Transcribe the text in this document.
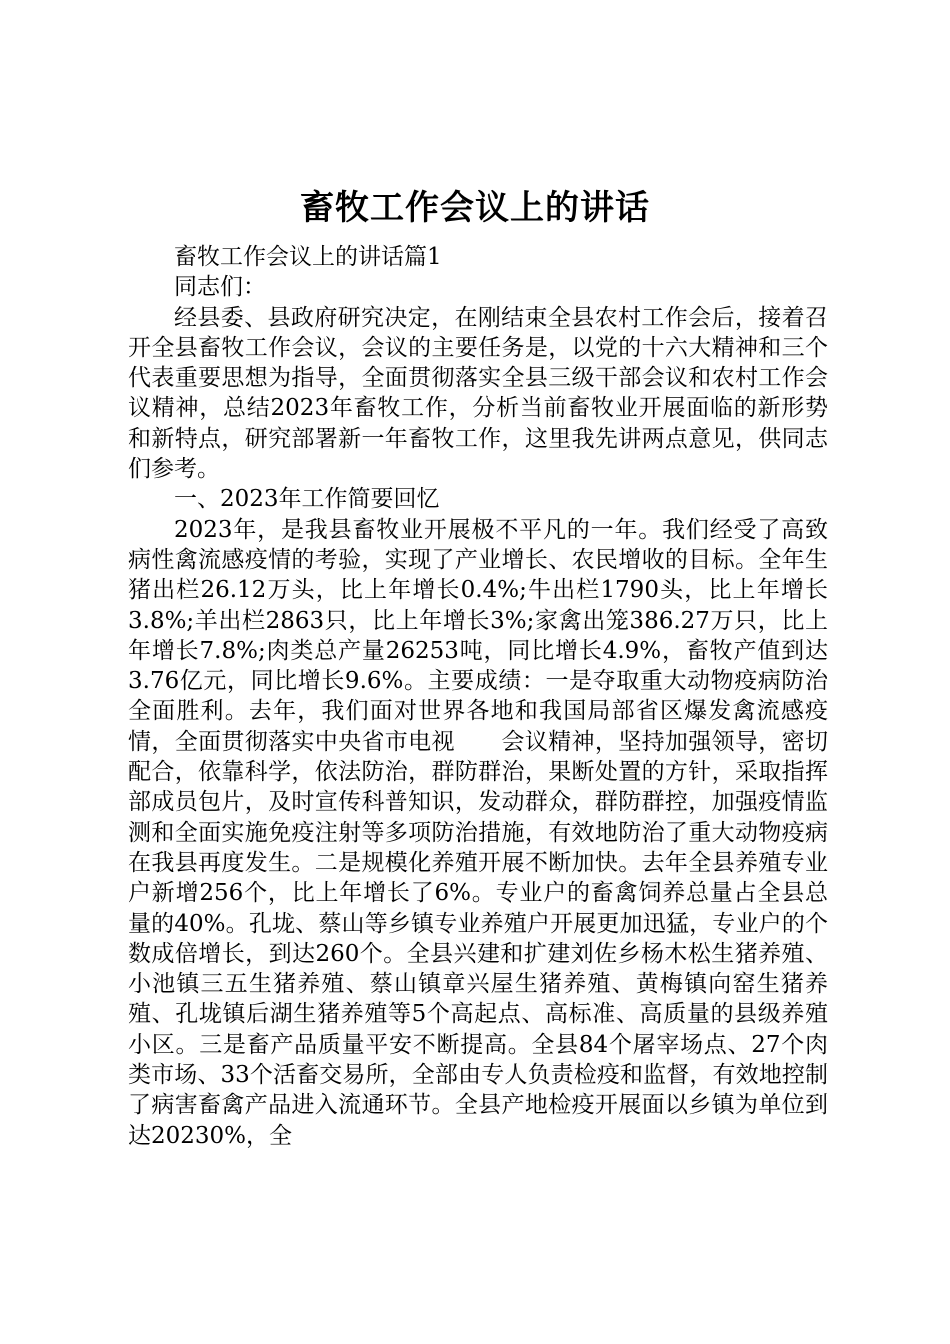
畜牧工作会议上的讲话

畜牧工作会议上的讲话篇1

同志们：

经县委、县政府研究决定，在刚结束全县农村工作会后，接着召开全县畜牧工作会议，会议的主要任务是，以党的十六大精神和三个代表重要思想为指导，全面贯彻落实全县三级干部会议和农村工作会议精神，总结2023年畜牧工作，分析当前畜牧业开展面临的新形势和新特点，研究部署新一年畜牧工作，这里我先讲两点意见，供同志们参考。

一、2023年工作简要回忆

2023年，是我县畜牧业开展极不平凡的一年。我们经受了高致病性禽流感疫情的考验，实现了产业增长、农民增收的目标。全年生猪出栏26.12万头，比上年增长0.4%;牛出栏1790头，比上年增长3.8%;羊出栏2863只，比上年增长3%;家禽出笼386.27万只，比上年增长7.8%;肉类总产量26253吨，同比增长4.9%，畜牧产值到达3.76亿元，同比增长9.6%。主要成绩：一是夺取重大动物疫病防治全面胜利。去年，我们面对世界各地和我国局部省区爆发禽流感疫情，全面贯彻落实中央省市电视　　会议精神，坚持加强领导，密切配合，依靠科学，依法防治，群防群治，果断处置的方针，采取指挥部成员包片，及时宣传科普知识，发动群众，群防群控，加强疫情监测和全面实施免疫注射等多项防治措施，有效地防治了重大动物疫病在我县再度发生。二是规模化养殖开展不断加快。去年全县养殖专业户新增256个，比上年增长了6%。专业户的畜禽饲养总量占全县总量的40%。孔垅、蔡山等乡镇专业养殖户开展更加迅猛，专业户的个数成倍增长，到达260个。全县兴建和扩建刘佐乡杨木松生猪养殖、小池镇三五生猪养殖、蔡山镇章兴屋生猪养殖、黄梅镇向窑生猪养殖、孔垅镇后湖生猪养殖等5个高起点、高标准、高质量的县级养殖小区。三是畜产品质量平安不断提高。全县84个屠宰场点、27个肉类市场、33个活畜交易所，全部由专人负责检疫和监督，有效地控制了病害畜禽产品进入流通环节。全县产地检疫开展面以乡镇为单位到达20230%，全
